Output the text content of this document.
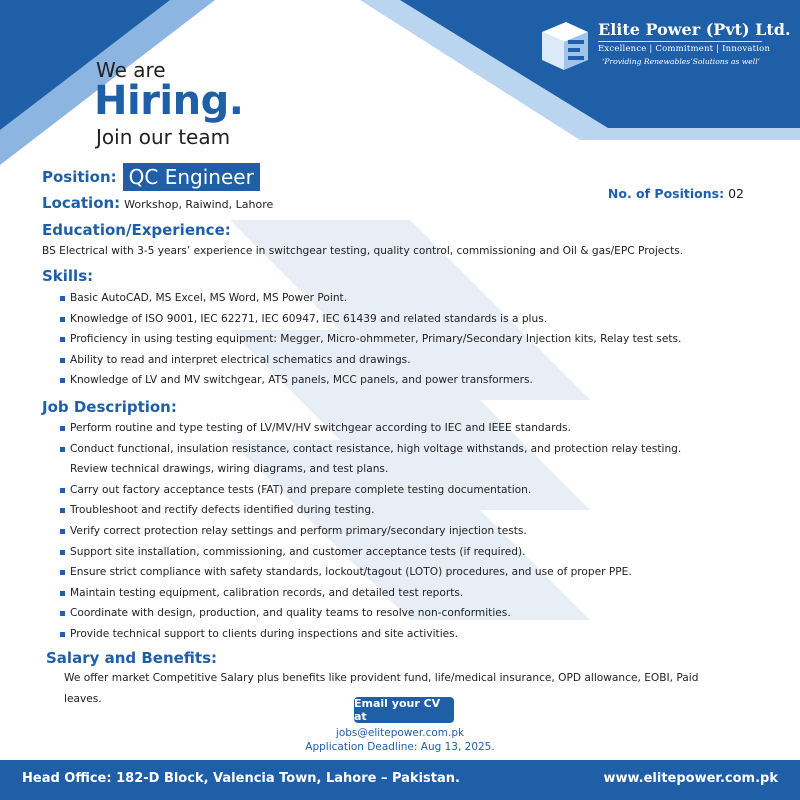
Elite Power (Pvt) Ltd.
Excellence | Commitment | Innovation
‘Providing Renewables’Solutions as well’
We are
Hiring.
Join our team
Position: QC Engineer
Location: Workshop, Raiwind, Lahore
No. of Positions: 02
Education/Experience:
BS Electrical with 3-5 years’ experience in switchgear testing, quality control, commissioning and Oil & gas/EPC Projects.
Skills:
Basic AutoCAD, MS Excel, MS Word, MS Power Point.
Knowledge of ISO 9001, IEC 62271, IEC 60947, IEC 61439 and related standards is a plus.
Proficiency in using testing equipment: Megger, Micro-ohmmeter, Primary/Secondary Injection kits, Relay test sets.
Ability to read and interpret electrical schematics and drawings.
Knowledge of LV and MV switchgear, ATS panels, MCC panels, and power transformers.
Job Description:
Perform routine and type testing of LV/MV/HV switchgear according to IEC and IEEE standards.
Conduct functional, insulation resistance, contact resistance, high voltage withstands, and protection relay testing.
Review technical drawings, wiring diagrams, and test plans.
Carry out factory acceptance tests (FAT) and prepare complete testing documentation.
Troubleshoot and rectify defects identified during testing.
Verify correct protection relay settings and perform primary/secondary injection tests.
Support site installation, commissioning, and customer acceptance tests (if required).
Ensure strict compliance with safety standards, lockout/tagout (LOTO) procedures, and use of proper PPE.
Maintain testing equipment, calibration records, and detailed test reports.
Coordinate with design, production, and quality teams to resolve non-conformities.
Provide technical support to clients during inspections and site activities.
Salary and Benefits:
We offer market Competitive Salary plus benefits like provident fund, life/medical insurance, OPD allowance, EOBI, Paid leaves.	Email your CV at
jobs@elitepower.com.pk
Application Deadline: Aug 13, 2025.
Head Office: 182-D Block, Valencia Town, Lahore – Pakistan.	www.elitepower.com.pk
